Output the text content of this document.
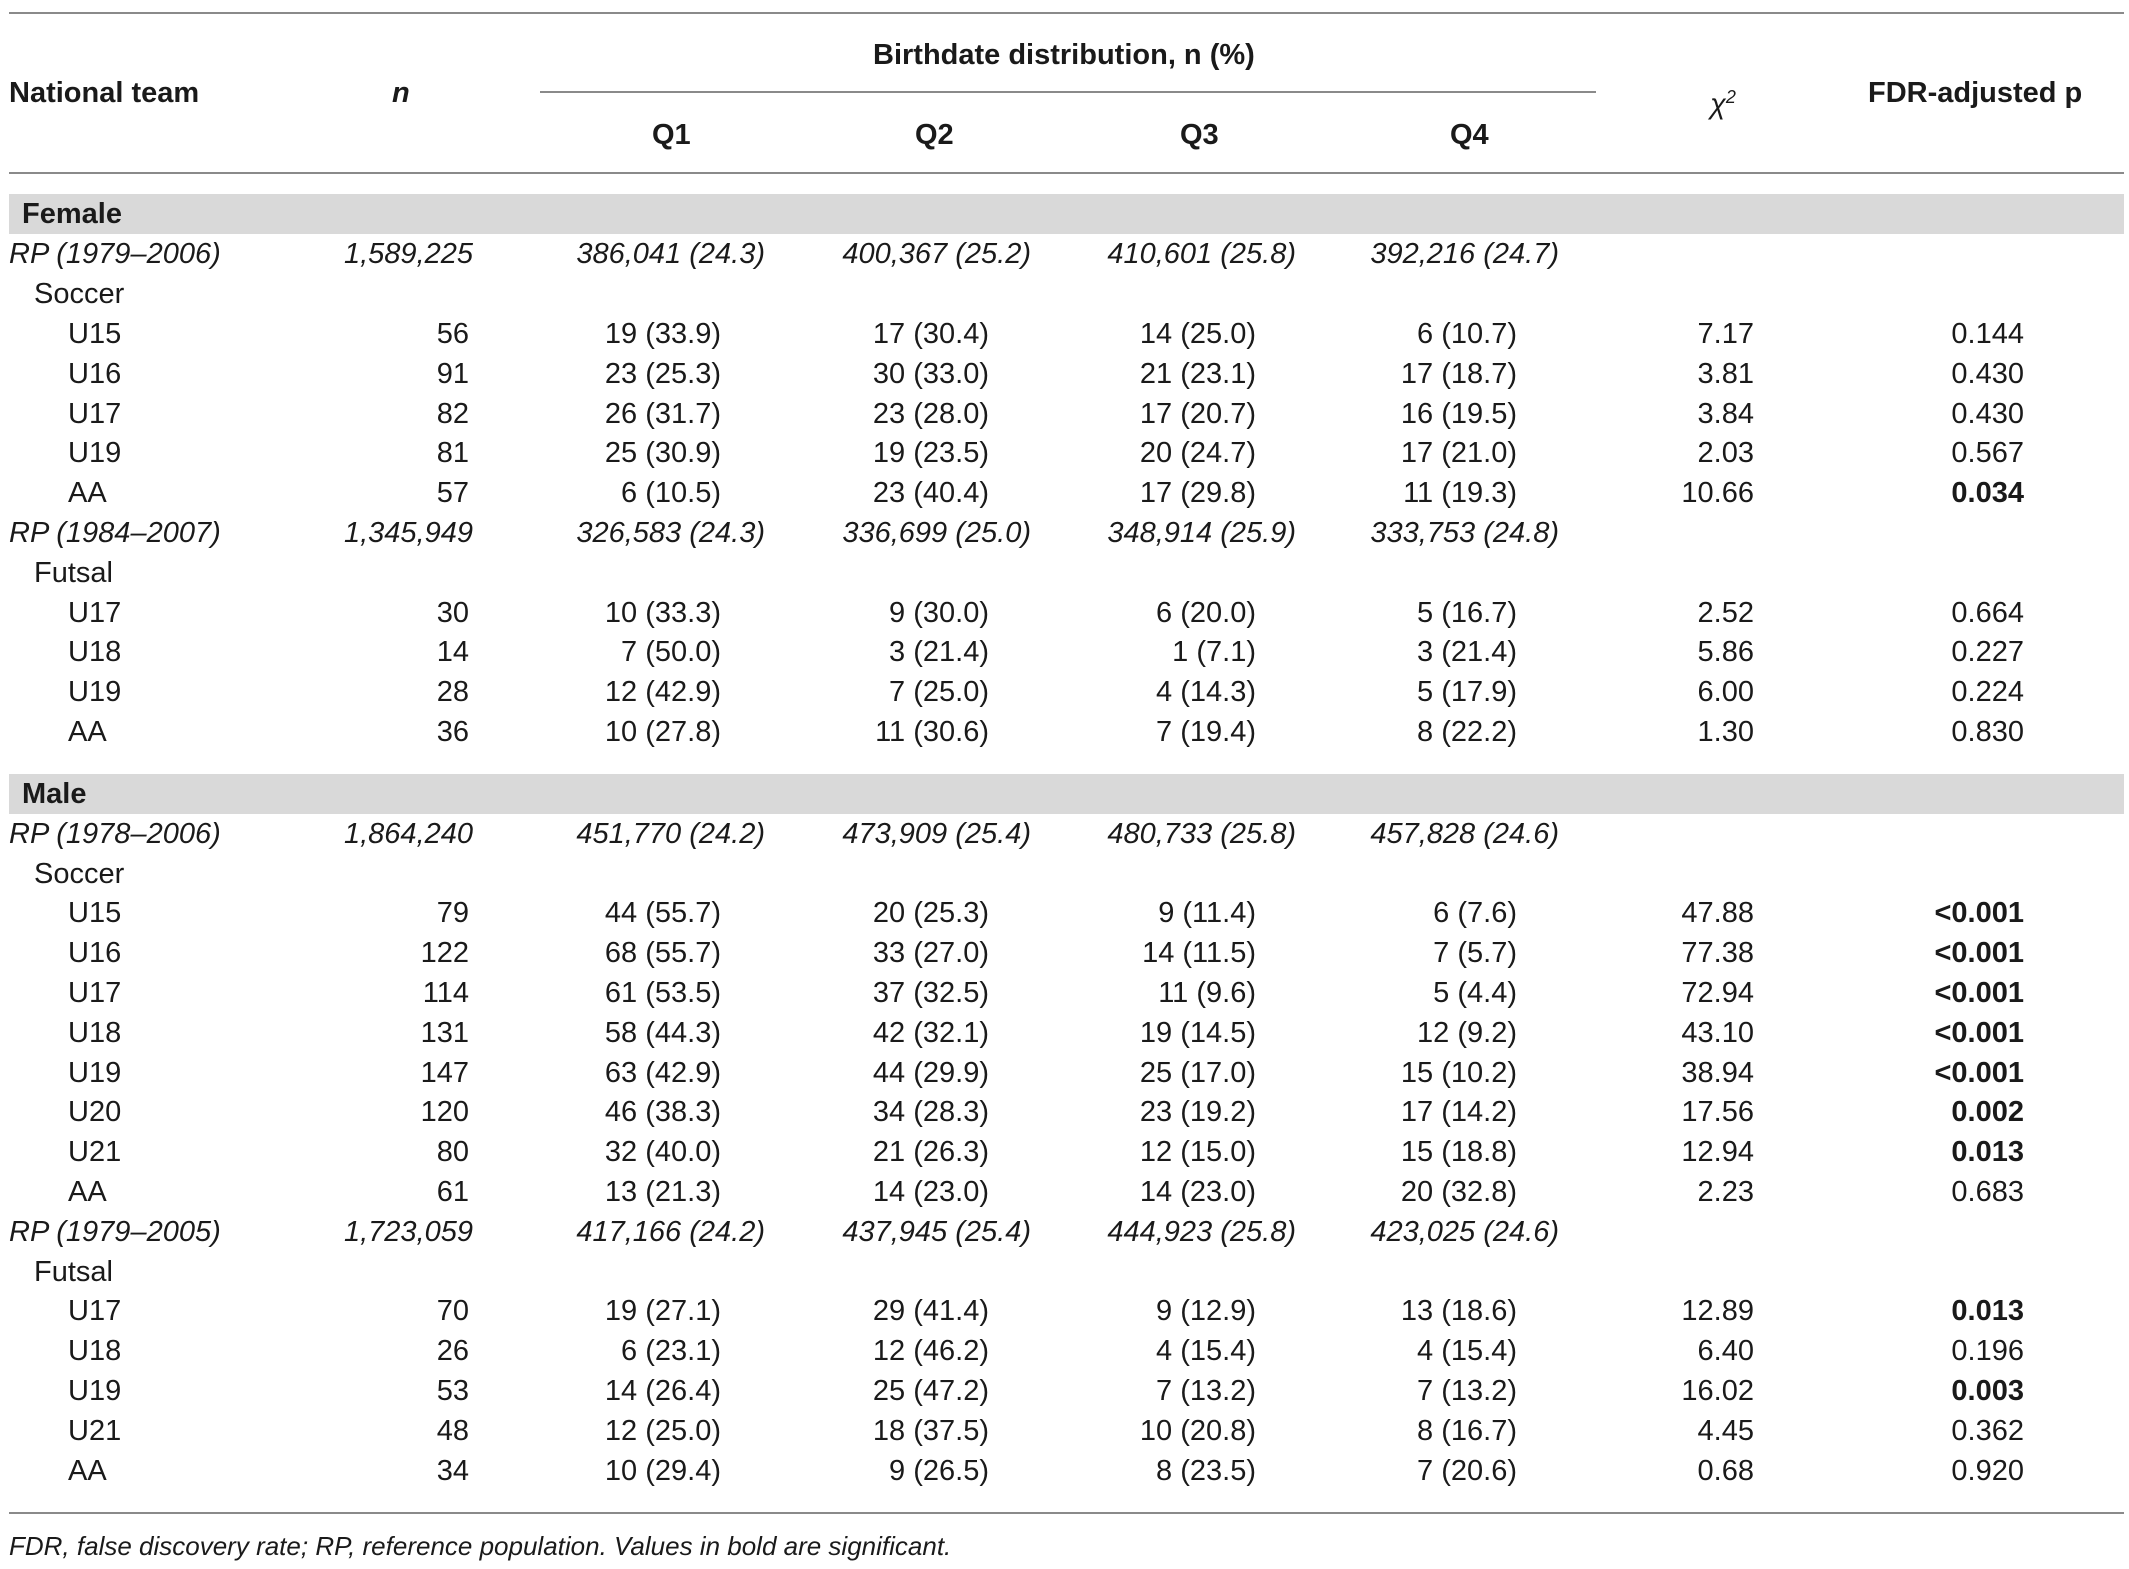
National team	n
Birthdate distribution, n (%)
Q1	Q2	Q3	Q4
$\chi^2$	FDR-adjusted p
Female
RP (1979–2006)	1,589,225	386,041 (24.3)	400,367 (25.2)	410,601 (25.8)	392,216 (24.7)
Soccer
U15	56	19 (33.9)	17 (30.4)	14 (25.0)	6 (10.7)	7.17	0.144
U16	91	23 (25.3)	30 (33.0)	21 (23.1)	17 (18.7)	3.81	0.430
U17	82	26 (31.7)	23 (28.0)	17 (20.7)	16 (19.5)	3.84	0.430
U19	81	25 (30.9)	19 (23.5)	20 (24.7)	17 (21.0)	2.03	0.567
AA	57	6 (10.5)	23 (40.4)	17 (29.8)	11 (19.3)	10.66	0.034
RP (1984–2007)	1,345,949	326,583 (24.3)	336,699 (25.0)	348,914 (25.9)	333,753 (24.8)
Futsal
U17	30	10 (33.3)	9 (30.0)	6 (20.0)	5 (16.7)	2.52	0.664
U18	14	7 (50.0)	3 (21.4)	1 (7.1)	3 (21.4)	5.86	0.227
U19	28	12 (42.9)	7 (25.0)	4 (14.3)	5 (17.9)	6.00	0.224
AA	36	10 (27.8)	11 (30.6)	7 (19.4)	8 (22.2)	1.30	0.830
Male
RP (1978–2006)	1,864,240	451,770 (24.2)	473,909 (25.4)	480,733 (25.8)	457,828 (24.6)
Soccer
U15	79	44 (55.7)	20 (25.3)	9 (11.4)	6 (7.6)	47.88	<0.001
U16	122	68 (55.7)	33 (27.0)	14 (11.5)	7 (5.7)	77.38	<0.001
U17	114	61 (53.5)	37 (32.5)	11 (9.6)	5 (4.4)	72.94	<0.001
U18	131	58 (44.3)	42 (32.1)	19 (14.5)	12 (9.2)	43.10	<0.001
U19	147	63 (42.9)	44 (29.9)	25 (17.0)	15 (10.2)	38.94	<0.001
U20	120	46 (38.3)	34 (28.3)	23 (19.2)	17 (14.2)	17.56	0.002
U21	80	32 (40.0)	21 (26.3)	12 (15.0)	15 (18.8)	12.94	0.013
AA	61	13 (21.3)	14 (23.0)	14 (23.0)	20 (32.8)	2.23	0.683
RP (1979–2005)	1,723,059	417,166 (24.2)	437,945 (25.4)	444,923 (25.8)	423,025 (24.6)
Futsal
U17	70	19 (27.1)	29 (41.4)	9 (12.9)	13 (18.6)	12.89	0.013
U18	26	6 (23.1)	12 (46.2)	4 (15.4)	4 (15.4)	6.40	0.196
U19	53	14 (26.4)	25 (47.2)	7 (13.2)	7 (13.2)	16.02	0.003
U21	48	12 (25.0)	18 (37.5)	10 (20.8)	8 (16.7)	4.45	0.362
AA	34	10 (29.4)	9 (26.5)	8 (23.5)	7 (20.6)	0.68	0.920
FDR, false discovery rate; RP, reference population. Values in bold are significant.
